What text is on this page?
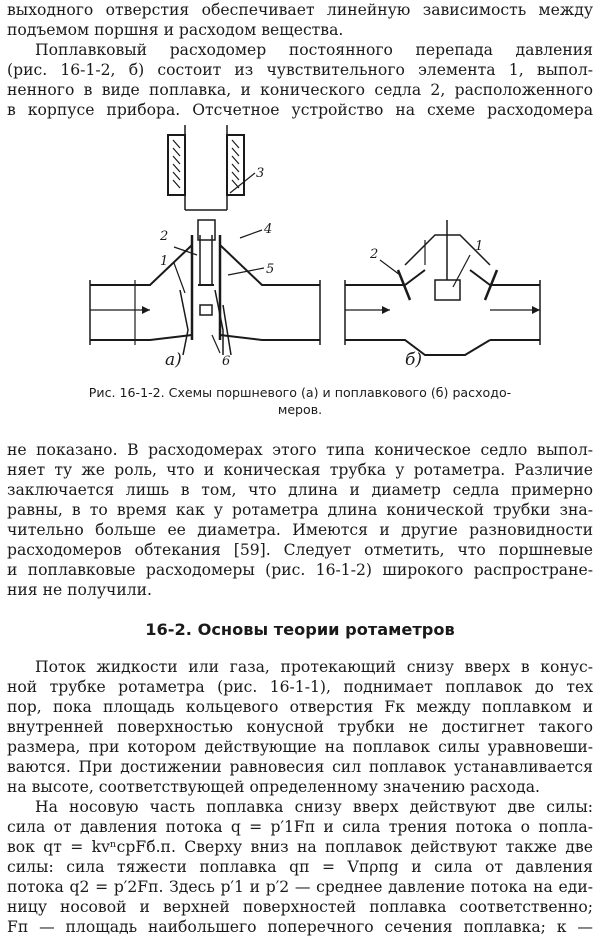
выходного отверстия обеспечивает линейную зависимость между
подъемом поршня и расходом вещества.
Поплавковый расходомер постоянного перепада давления
(рис. 16-1-2, б) состоит из чувствительного элемента 1, выпол-
ненного в виде поплавка, и конического седла 2, расположенного
в корпусе прибора. Отсчетное устройство на схеме расходомера
2
1
3
4
5
6
а)
2
1
б)
Рис. 16-1-2. Схемы поршневого (а) и поплавкового (б) расходо-
меров.
не показано. В расходомерах этого типа коническое седло выпол-
няет ту же роль, что и коническая трубка у ротаметра. Различие
заключается лишь в том, что длина и диаметр седла примерно
равны, в то время как у ротаметра длина конической трубки зна-
чительно больше ее диаметра. Имеются и другие разновидности
расходомеров обтекания [59]. Следует отметить, что поршневые
и поплавковые расходомеры (рис. 16-1-2) широкого распростране-
ния не получили.
16-2. Основы теории ротаметров
Поток жидкости или газа, протекающий снизу вверх в конус-
ной трубке ротаметра (рис. 16-1-1), поднимает поплавок до тех
пор, пока площадь кольцевого отверстия Fк между поплавком и
внутренней поверхностью конусной трубки не достигнет такого
размера, при котором действующие на поплавок силы уравновеши-
ваются. При достижении равновесия сил поплавок устанавливается
на высоте, соответствующей определенному значению расхода.
На носовую часть поплавка снизу вверх действуют две силы:
сила от давления потока q = p′1Fп и сила трения потока о попла-
вок qт = kvⁿсрFб.п. Сверху вниз на поплавок действуют также две
силы: сила тяжести поплавка qп = Vпρпg и сила от давления
потока q2 = p′2Fп. Здесь p′1 и p′2 — среднее давление потока на еди-
ницу носовой и верхней поверхностей поплавка соответственно;
Fп — площадь наибольшего поперечного сечения поплавка; к —
